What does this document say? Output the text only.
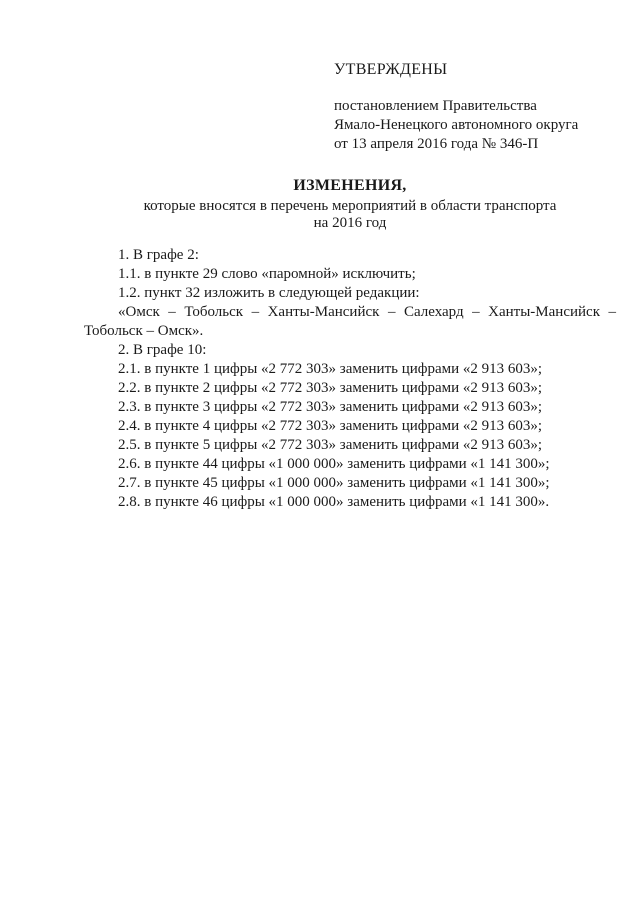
УТВЕРЖДЕНЫ

постановлением Правительства

Ямало-Ненецкого автономного округа

от 13 апреля 2016 года № 346-П

ИЗМЕНЕНИЯ,

которые вносятся в перечень мероприятий в области транспорта

на 2016 год

1. В графе 2:

1.1. в пункте 29 слово «паромной» исключить;

1.2. пункт 32 изложить в следующей редакции:

«Омск – Тобольск – Ханты-Мансийск – Салехард – Ханты-Мансийск –

Тобольск – Омск».

2. В графе 10:

2.1. в пункте 1 цифры «2 772 303» заменить цифрами «2 913 603»;

2.2. в пункте 2 цифры «2 772 303» заменить цифрами «2 913 603»;

2.3. в пункте 3 цифры «2 772 303» заменить цифрами «2 913 603»;

2.4. в пункте 4 цифры «2 772 303» заменить цифрами «2 913 603»;

2.5. в пункте 5 цифры «2 772 303» заменить цифрами «2 913 603»;

2.6. в пункте 44 цифры «1 000 000» заменить цифрами «1 141 300»;

2.7. в пункте 45 цифры «1 000 000» заменить цифрами «1 141 300»;

2.8. в пункте 46 цифры «1 000 000» заменить цифрами «1 141 300».
